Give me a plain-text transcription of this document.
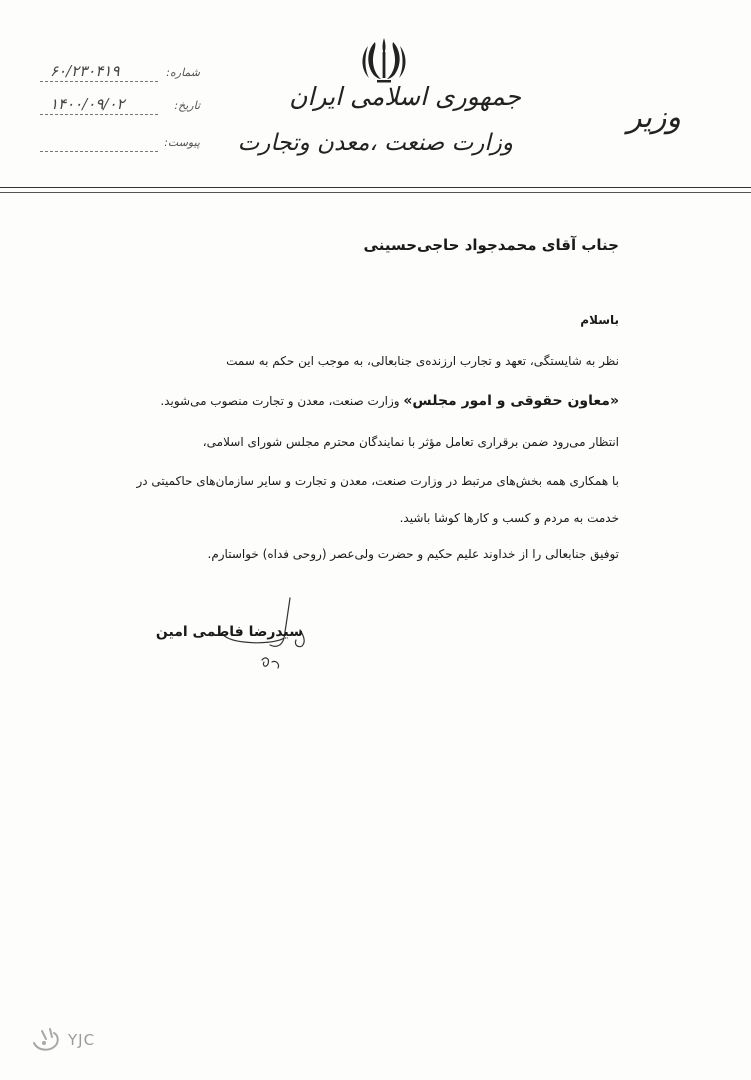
جمهوری اسلامی ایران
وزارت صنعت ،معدن وتجارت
وزیر
شماره:
۶۰/۲۳۰۴۱۹
تاریخ:
۱۴۰۰/۰۹/۰۲
پیوست:
جناب آقای محمدجواد حاجی‌حسینی
باسلام
نظر به شایستگی، تعهد و تجارب ارزنده‌ی جنابعالی، به موجب این حکم به سمت
«معاون حقوقی و امور مجلس» وزارت صنعت، معدن و تجارت منصوب می‌شوید.
انتظار می‌رود ضمن برقراری تعامل مؤثر با نمایندگان محترم مجلس شورای اسلامی،
با همکاری همه بخش‌های مرتبط در وزارت صنعت، معدن و تجارت و سایر سازمان‌های حاکمیتی در
خدمت به مردم و کسب و کارها کوشا باشید.
توفیق جنابعالی را از خداوند علیم حکیم و حضرت ولی‌عصر (روحی فداه) خواستارم.
سیدرضا فاطمی امین
YJC
